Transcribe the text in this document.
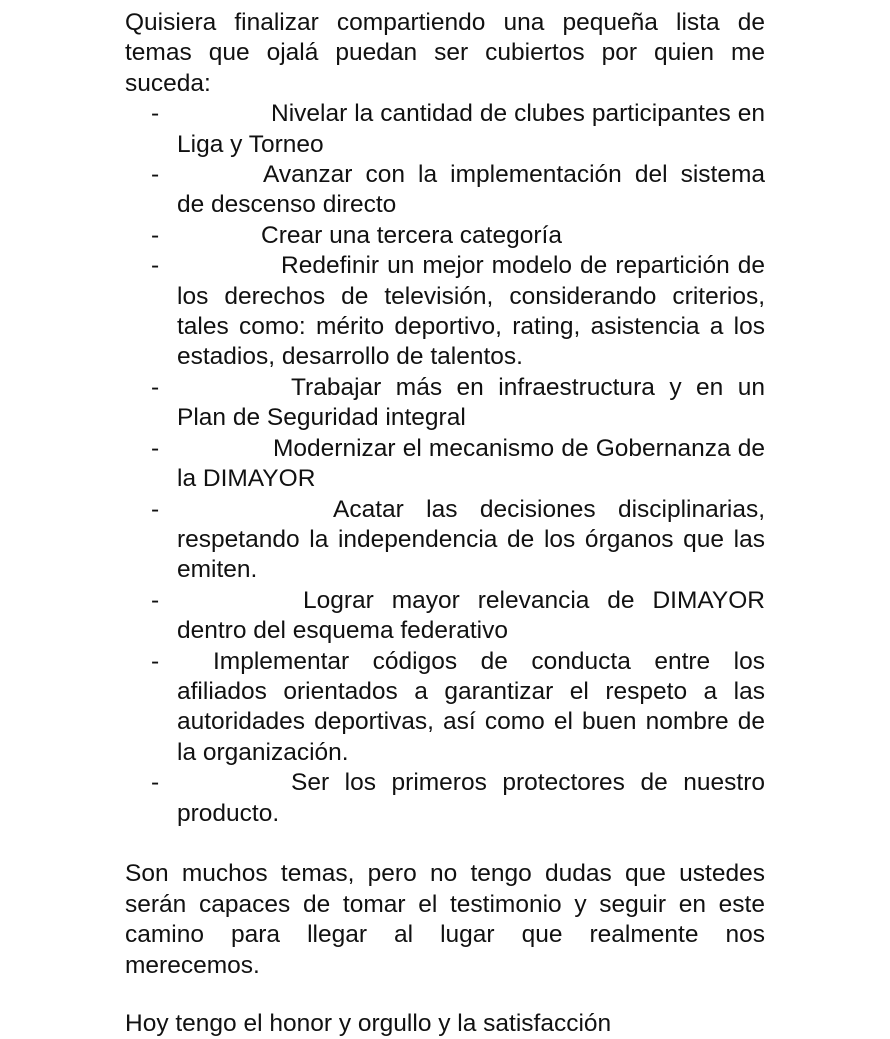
Quisiera finalizar compartiendo una pequeña lista de temas que ojalá puedan ser cubiertos por quien me suceda:

-	Nivelar la cantidad de clubes participantes en Liga y Torneo
-	Avanzar con la implementación del sistema de descenso directo
-	Crear una tercera categoría
-	Redefinir un mejor modelo de repartición de los derechos de televisión, considerando criterios, tales como: mérito deportivo, rating, asistencia a los estadios, desarrollo de talentos.
-	Trabajar más en infraestructura y en un Plan de Seguridad integral
-	Modernizar el mecanismo de Gobernanza de la DIMAYOR
-	Acatar las decisiones disciplinarias, respetando la independencia de los órganos que las emiten.
-	Lograr mayor relevancia de DIMAYOR dentro del esquema federativo
- Implementar códigos de conducta entre los afiliados orientados a garantizar el respeto a las autoridades deportivas, así como el buen nombre de la organización.
-	Ser los primeros protectores de nuestro producto.

Son muchos temas, pero no tengo dudas que ustedes serán capaces de tomar el testimonio y seguir en este camino para llegar al lugar que realmente nos merecemos.

Hoy tengo el honor y orgullo y la satisfacción
